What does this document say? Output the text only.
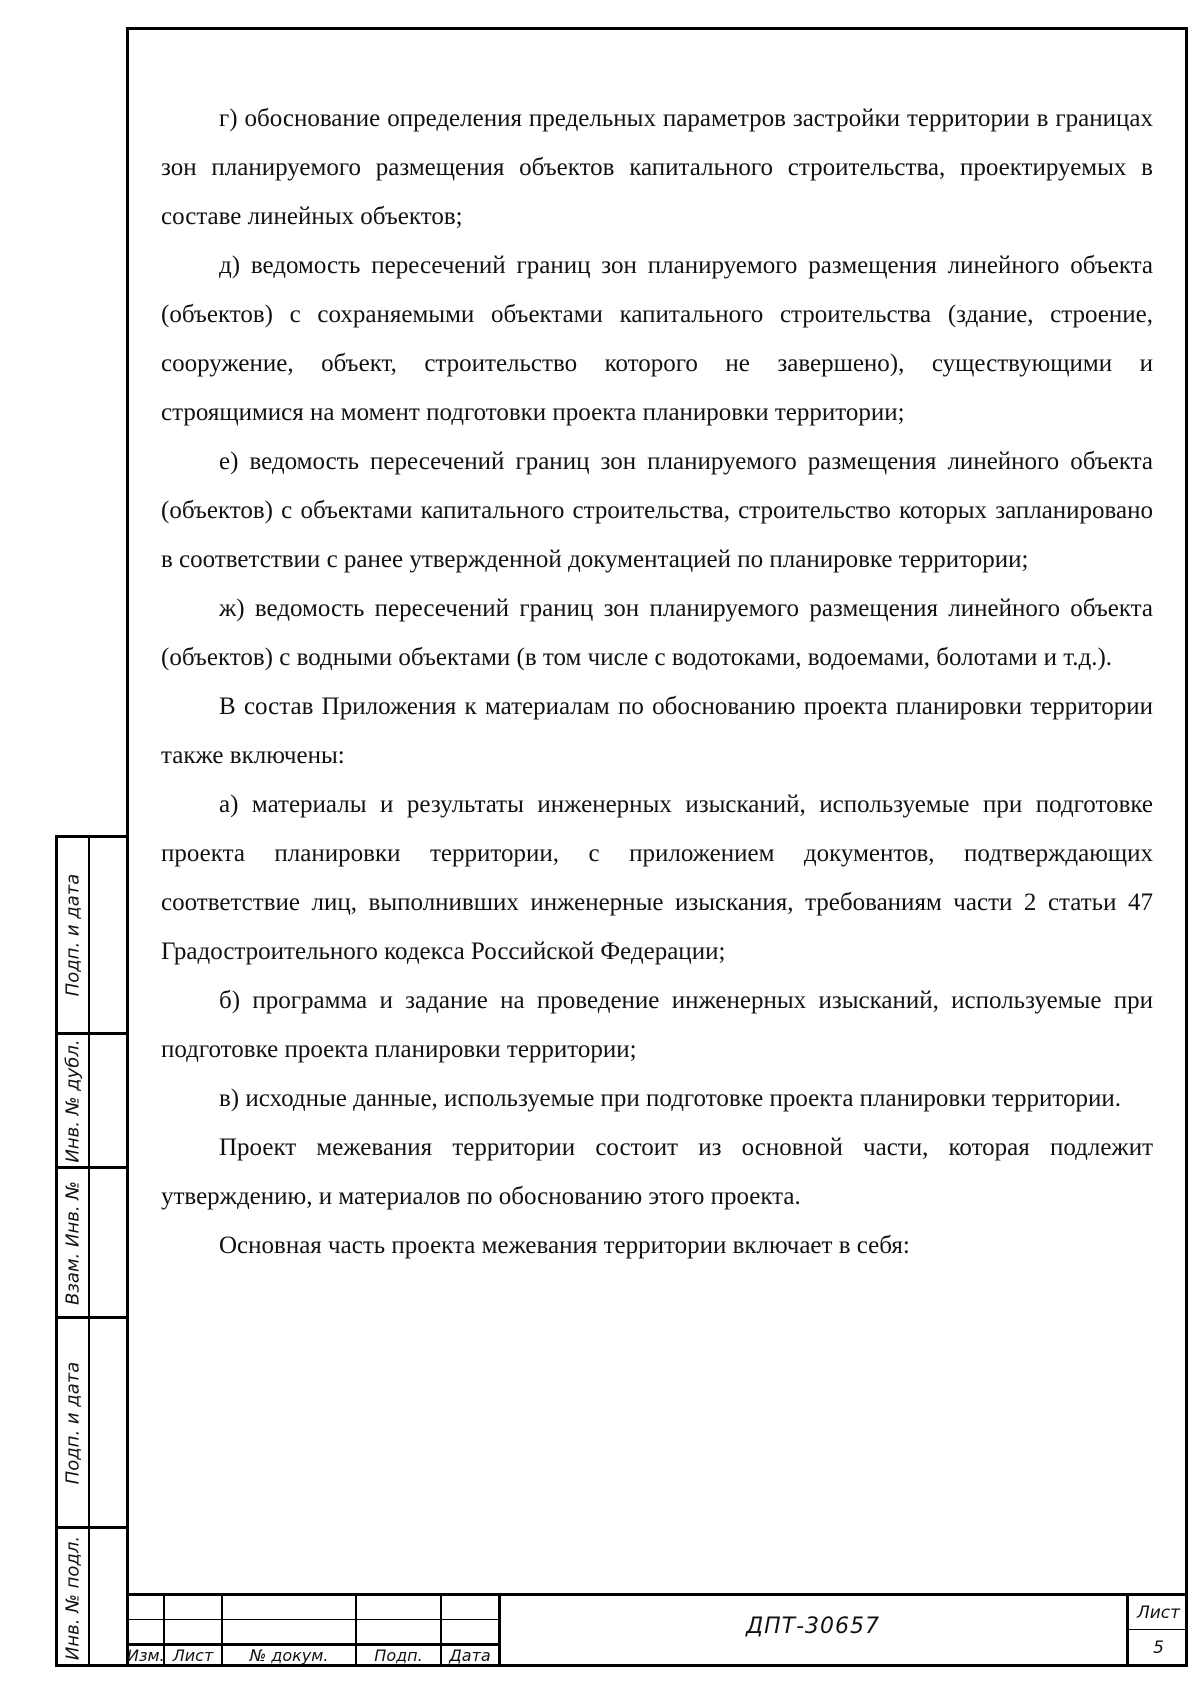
г) обоснование определения предельных параметров застройки территории в границах зон планируемого размещения объектов капитального строительства, проектируемых в составе линейных объектов;

д) ведомость пересечений границ зон планируемого размещения линейного объекта (объектов) с сохраняемыми объектами капитального строительства (здание, строение, сооружение, объект, строительство которого не завершено), существующими и строящимися на момент подготовки проекта планировки территории;

е) ведомость пересечений границ зон планируемого размещения линейного объекта (объектов) с объектами капитального строительства, строительство которых запланировано в соответствии с ранее утвержденной документацией по планировке территории;

ж) ведомость пересечений границ зон планируемого размещения линейного объекта (объектов) с водными объектами (в том числе с водотоками, водоемами, болотами и т.д.).

В состав Приложения к материалам по обоснованию проекта планировки территории также включены:

а) материалы и результаты инженерных изысканий, используемые при подготовке проекта планировки территории, с приложением документов, подтверждающих соответствие лиц, выполнивших инженерные изыскания, требованиям части 2 статьи 47 Градостроительного кодекса Российской Федерации;

б) программа и задание на проведение инженерных изысканий, используемые при подготовке проекта планировки территории;

в) исходные данные, используемые при подготовке проекта планировки территории.

Проект межевания территории состоит из основной части, которая подлежит утверждению, и материалов по обоснованию этого проекта.

Основная часть проекта межевания территории включает в себя:

Подп. и дата
Инв. № дубл.
Взам. Инв. №
Подп. и дата
Инв. № подл.	Изм. Лист	№ докум.	Подп.	Дата
ДПТ-30657
Лист
5
